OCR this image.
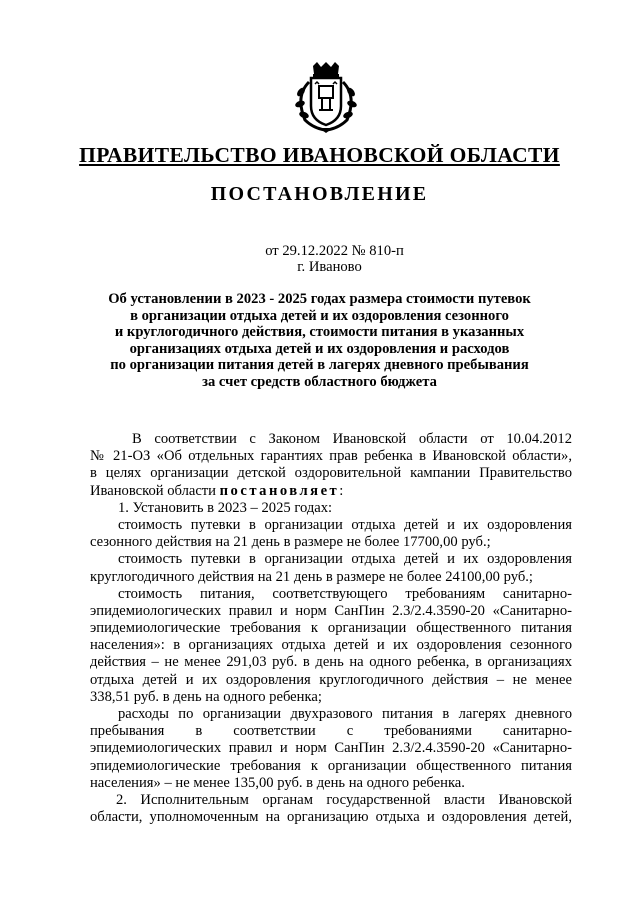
ПРАВИТЕЛЬСТВО ИВАНОВСКОЙ ОБЛАСТИ
ПОСТАНОВЛЕНИЕ
от 29.12.2022 № 810-п
г. Иваново
Об установлении в 2023 - 2025 годах размера стоимости путевок
в организации отдыха детей и их оздоровления сезонного
и круглогодичного действия, стоимости питания в указанных
организациях отдыха детей и их оздоровления и расходов
по организации питания детей в лагерях дневного пребывания
за счет средств областного бюджета
В соответствии с Законом Ивановской области от 10.04.2012
№ 21-ОЗ «Об отдельных гарантиях прав ребенка в Ивановской области»,
в целях организации детской оздоровительной кампании Правительство
Ивановской области постановляет:
1. Установить в 2023 – 2025 годах:
стоимость путевки в организации отдыха детей и их оздоровления
сезонного действия на 21 день в размере не более 17700,00 руб.;
стоимость путевки в организации отдыха детей и их оздоровления
круглогодичного действия на 21 день в размере не более 24100,00 руб.;
стоимость питания, соответствующего требованиям санитарно-
эпидемиологических правил и норм СанПин 2.3/2.4.3590-20 «Санитарно-
эпидемиологические требования к организации общественного питания
населения»: в организациях отдыха детей и их оздоровления сезонного
действия – не менее 291,03 руб. в день на одного ребенка, в организациях
отдыха детей и их оздоровления круглогодичного действия – не менее
338,51 руб. в день на одного ребенка;
расходы по организации двухразового питания в лагерях дневного
пребывания в соответствии с требованиями санитарно-
эпидемиологических правил и норм СанПин 2.3/2.4.3590-20 «Санитарно-
эпидемиологические требования к организации общественного питания
населения» – не менее 135,00 руб. в день на одного ребенка.
2. Исполнительным органам государственной власти Ивановской
области, уполномоченным на организацию отдыха и оздоровления детей,
